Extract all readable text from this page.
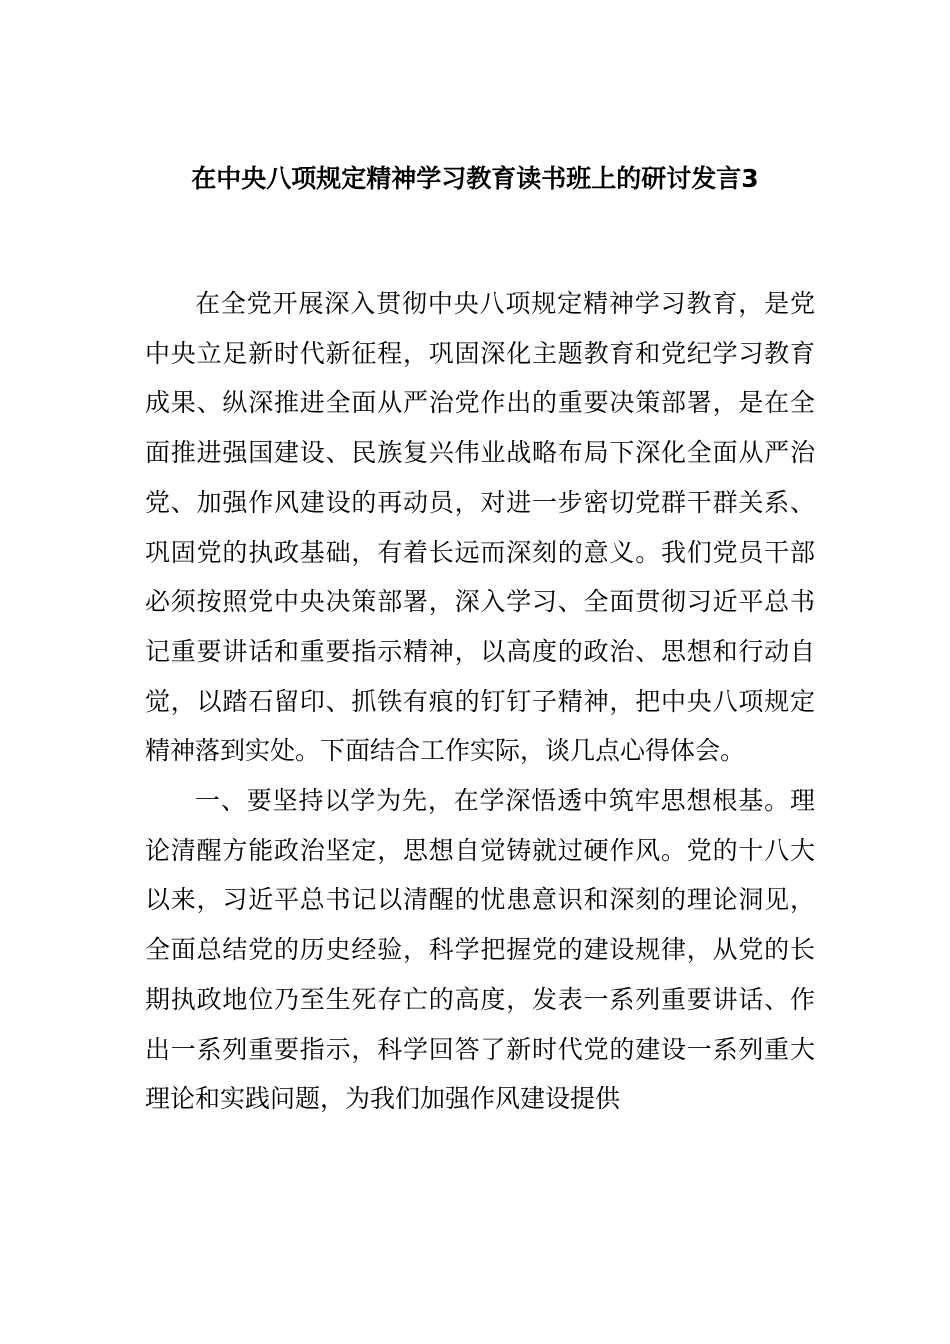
在中央八项规定精神学习教育读书班上的研讨发言3

在全党开展深入贯彻中央八项规定精神学习教育，是党中央立足新时代新征程，巩固深化主题教育和党纪学习教育成果、纵深推进全面从严治党作出的重要决策部署，是在全面推进强国建设、民族复兴伟业战略布局下深化全面从严治党、加强作风建设的再动员，对进一步密切党群干群关系、巩固党的执政基础，有着长远而深刻的意义。我们党员干部必须按照党中央决策部署，深入学习、全面贯彻习近平总书记重要讲话和重要指示精神，以高度的政治、思想和行动自觉，以踏石留印、抓铁有痕的钉钉子精神，把中央八项规定精神落到实处。下面结合工作实际，谈几点心得体会。

一、要坚持以学为先，在学深悟透中筑牢思想根基。理论清醒方能政治坚定，思想自觉铸就过硬作风。党的十八大以来，习近平总书记以清醒的忧患意识和深刻的理论洞见，全面总结党的历史经验，科学把握党的建设规律，从党的长期执政地位乃至生死存亡的高度，发表一系列重要讲话、作出一系列重要指示，科学回答了新时代党的建设一系列重大理论和实践问题，为我们加强作风建设提供
